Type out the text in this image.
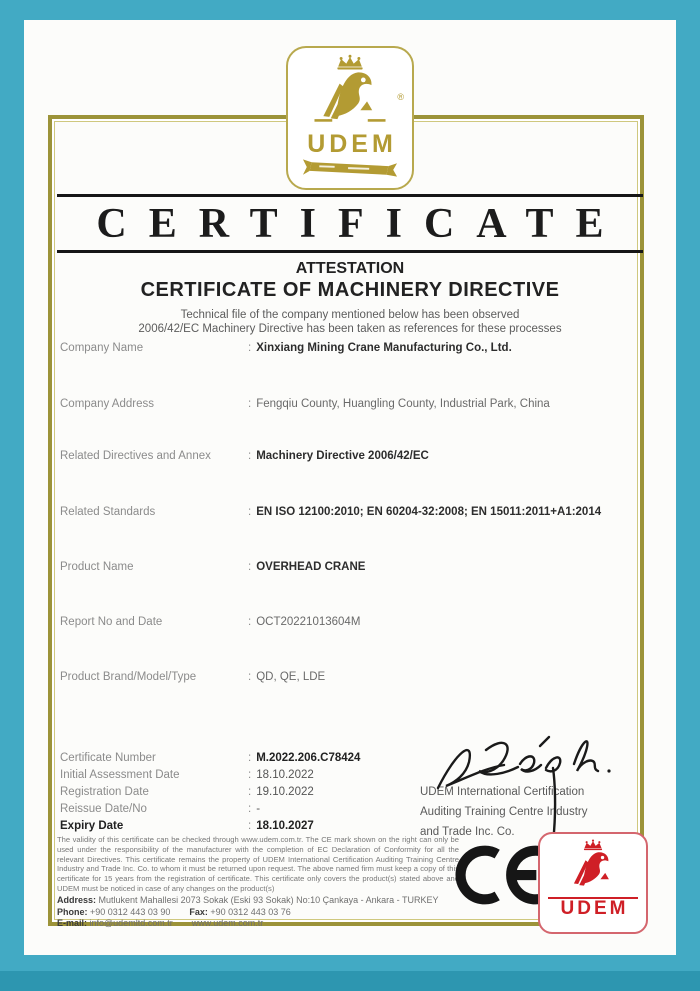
®
UDEM
CERTIFICATE
ATTESTATION
CERTIFICATE OF MACHINERY DIRECTIVE
Technical file of the company mentioned below has been observed
2006/42/EC Machinery Directive has been taken as references for these processes
Company Name	: Xinxiang Mining Crane Manufacturing Co., Ltd.
Company Address	: Fengqiu County, Huangling County, Industrial Park, China
Related Directives and Annex	: Machinery Directive 2006/42/EC
Related Standards	: EN ISO 12100:2010; EN 60204-32:2008; EN 15011:2011+A1:2014
Product Name	: OVERHEAD CRANE
Report No and Date	: OCT20221013604M
Product Brand/Model/Type	: QD, QE, LDE
Certificate Number	: M.2022.206.C78424
Initial Assessment Date	: 18.10.2022
Registration Date	: 19.10.2022
Reissue Date/No	: -
Expiry Date	: 18.10.2027
UDEM International Certification
Auditing Training Centre Industry
and Trade Inc. Co.
The validity of this certificate can be checked through www.udem.com.tr. The CE mark shown on the right can only be used under the responsibility of the manufacturer with the completion of EC Declaration of Conformity for all the relevant Directives. This certificate remains the property of UDEM International Certification Auditing Training Centre Industry and Trade Inc. Co. to whom it must be returned upon request. The above named firm must keep a copy of this certificate for 15 years from the registration of certificate. This certificate only covers the product(s) stated above and UDEM must be noticed in case of any changes on the product(s)
Address: Mutlukent Mahallesi 2073 Sokak (Eski 93 Sokak) No:10 Çankaya - Ankara - TURKEY
Phone: +90 0312 443 03 90 Fax: +90 0312 443 03 76
E-mail: info@udemltd.com.tr www.udem.com.tr
UDEM
